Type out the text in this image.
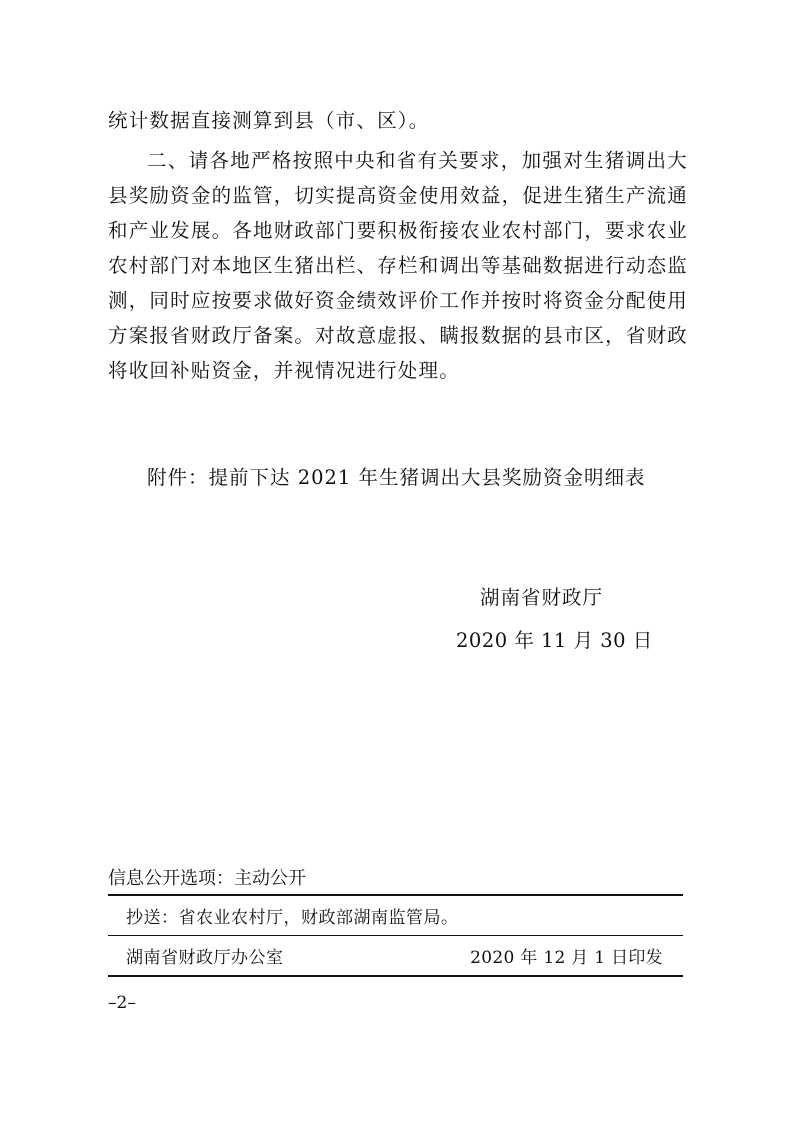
统计数据直接测算到县（市、区）。

二、请各地严格按照中央和省有关要求，加强对生猪调出大县奖励资金的监管，切实提高资金使用效益，促进生猪生产流通和产业发展。各地财政部门要积极衔接农业农村部门，要求农业农村部门对本地区生猪出栏、存栏和调出等基础数据进行动态监测，同时应按要求做好资金绩效评价工作并按时将资金分配使用方案报省财政厅备案。对故意虚报、瞒报数据的县市区，省财政将收回补贴资金，并视情况进行处理。

附件：提前下达 2021 年生猪调出大县奖励资金明细表

湖南省财政厅
2020 年 11 月 30 日
信息公开选项：主动公开
抄送：省农业农村厅，财政部湖南监管局。
湖南省财政厅办公室	2020 年 12 月 1 日印发
–2–
